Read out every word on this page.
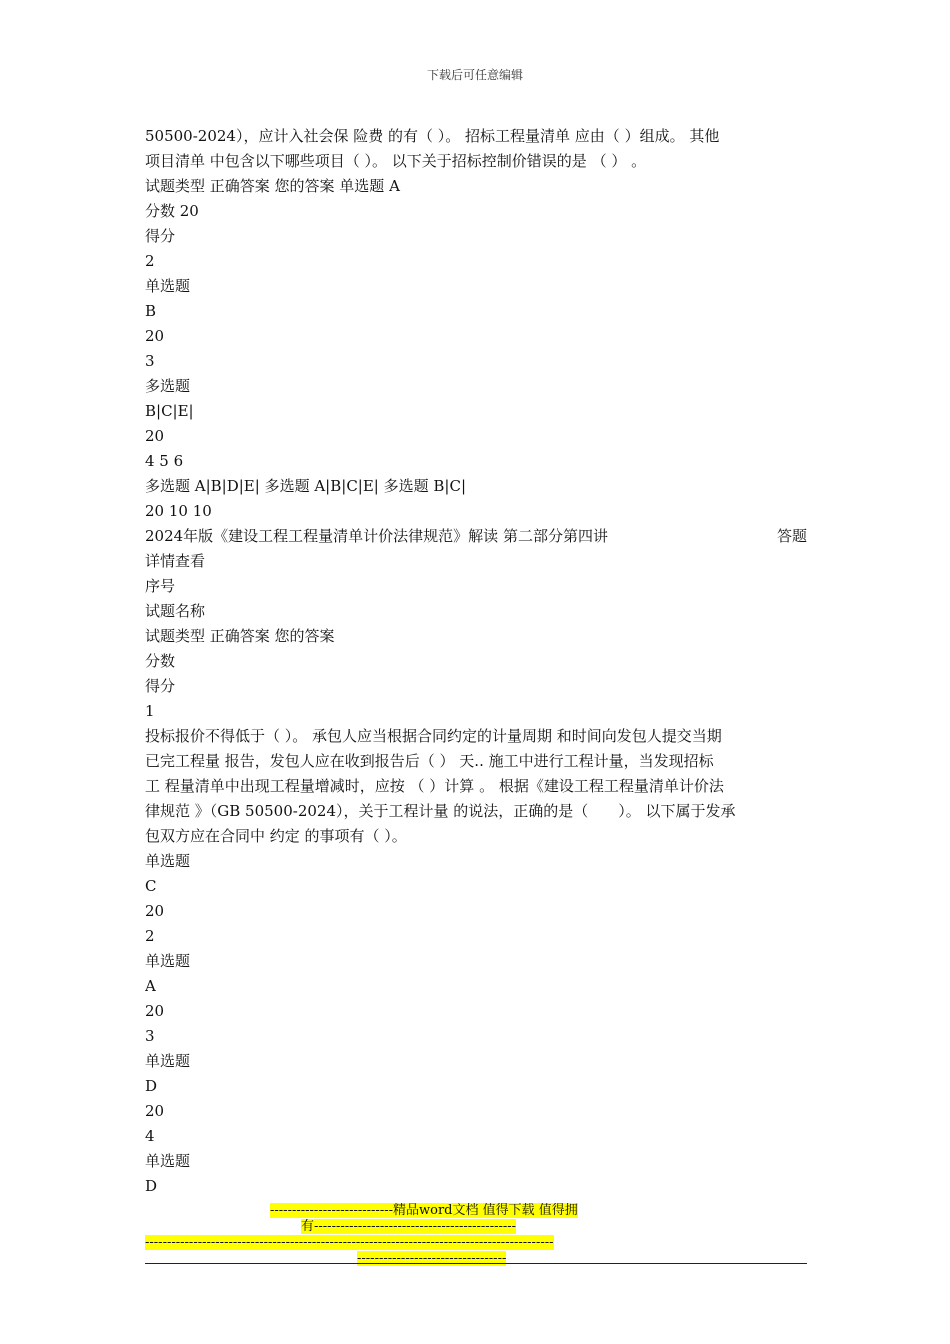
下载后可任意编辑
50500-2024），应计入社会保 险费 的有（ ）。 招标工程量清单 应由（ ）组成。 其他
项目清单 中包含以下哪些项目（ ）。 以下关于招标控制价错误的是 （ ） 。
试题类型 正确答案 您的答案 单选题 A
分数 20
得分
2
单选题
B
20
3
多选题
B|C|E|
20
4 5 6
多选题 A|B|D|E| 多选题 A|B|C|E| 多选题 B|C|
20 10 10
2024年版《建设工程工程量清单计价法律规范》解读 第二部分第四讲	答题
详情查看
序号
试题名称
试题类型 正确答案 您的答案
分数
得分
1
投标报价不得低于（ ）。 承包人应当根据合同约定的计量周期 和时间向发包人提交当期
已完工程量 报告，发包人应在收到报告后（ ） 天.. 施工中进行工程计量，当发现招标
工 程量清单中出现工程量增减时，应按 （ ）计算 。 根据《建设工程工程量清单计价法
律规范 》（GB 50500-2024），关于工程计量 的说法，正确的是（　　）。 以下属于发承
包双方应在合同中 约定 的事项有（ ）。
单选题
C
20
2
单选题
A
20
3
单选题
D
20
4
单选题
D
----------------------------精品word文档 值得下载 值得拥
有----------------------------------------------
---------------------------------------------------------------------------------------------
----------------------------------
